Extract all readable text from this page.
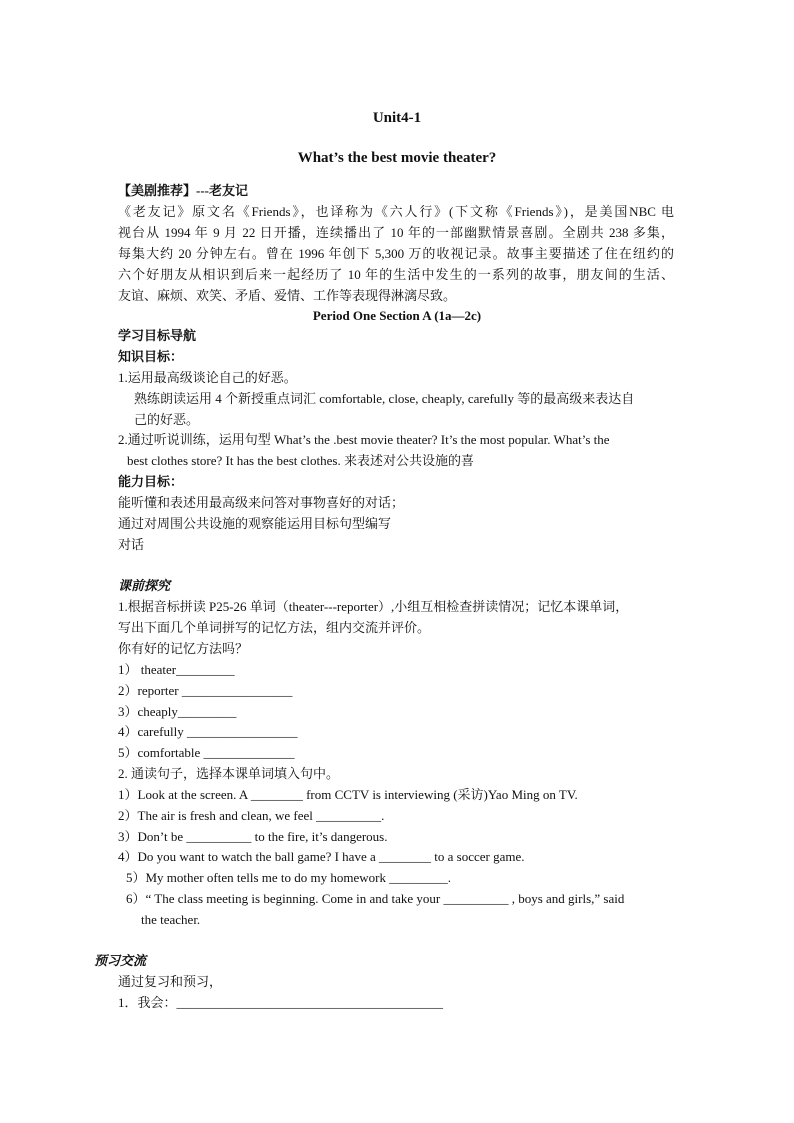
Unit4-1
What’s the best movie theater?
【美剧推荐】---老友记
《老友记》原文名《Friends》，也译称为《六人行》(下文称《Friends》)，是美国NBC 电
视台从 1994 年 9 月 22 日开播，连续播出了 10 年的一部幽默情景喜剧。全剧共 238 多集，
每集大约 20 分钟左右。曾在 1996 年创下 5,300 万的收视记录。故事主要描述了住在纽约的
六个好朋友从相识到后来一起经历了 10 年的生活中发生的一系列的故事，朋友间的生活、
友谊、麻烦、欢笑、矛盾、爱情、工作等表现得淋漓尽致。
Period One Section A (1a—2c)
学习目标导航
知识目标：
1.运用最高级谈论自己的好恶。
熟练朗读运用 4 个新授重点词汇 comfortable, close, cheaply, carefully 等的最高级来表达自
己的好恶。
2.通过听说训练，运用句型 What’s the .best movie theater? It’s the most popular. What’s the
best clothes store? It has the best clothes. 来表述对公共设施的喜
能力目标：
能听懂和表述用最高级来问答对事物喜好的对话；
通过对周围公共设施的观察能运用目标句型编写
对话
课前探究
1.根据音标拼读 P25-26 单词（theater---reporter）,小组互相检查拼读情况；记忆本课单词，
写出下面几个单词拼写的记忆方法，组内交流并评价。
你有好的记忆方法吗？
1） theater_________
2）reporter _________________
3）cheaply_________
4）carefully _________________
5）comfortable ______________
2. 通读句子，选择本课单词填入句中。
1）Look at the screen. A ________ from CCTV is interviewing (采访)Yao Ming on TV.
2）The air is fresh and clean, we feel __________.
3）Don’t be __________ to the fire, it’s dangerous.
4）Do you want to watch the ball game? I have a ________ to a soccer game.
5）My mother often tells me to do my homework _________.
6）“ The class meeting is beginning. Come in and take your __________ , boys and girls,” said
the teacher.
预习交流
通过复习和预习，
1．我会：_________________________________________
